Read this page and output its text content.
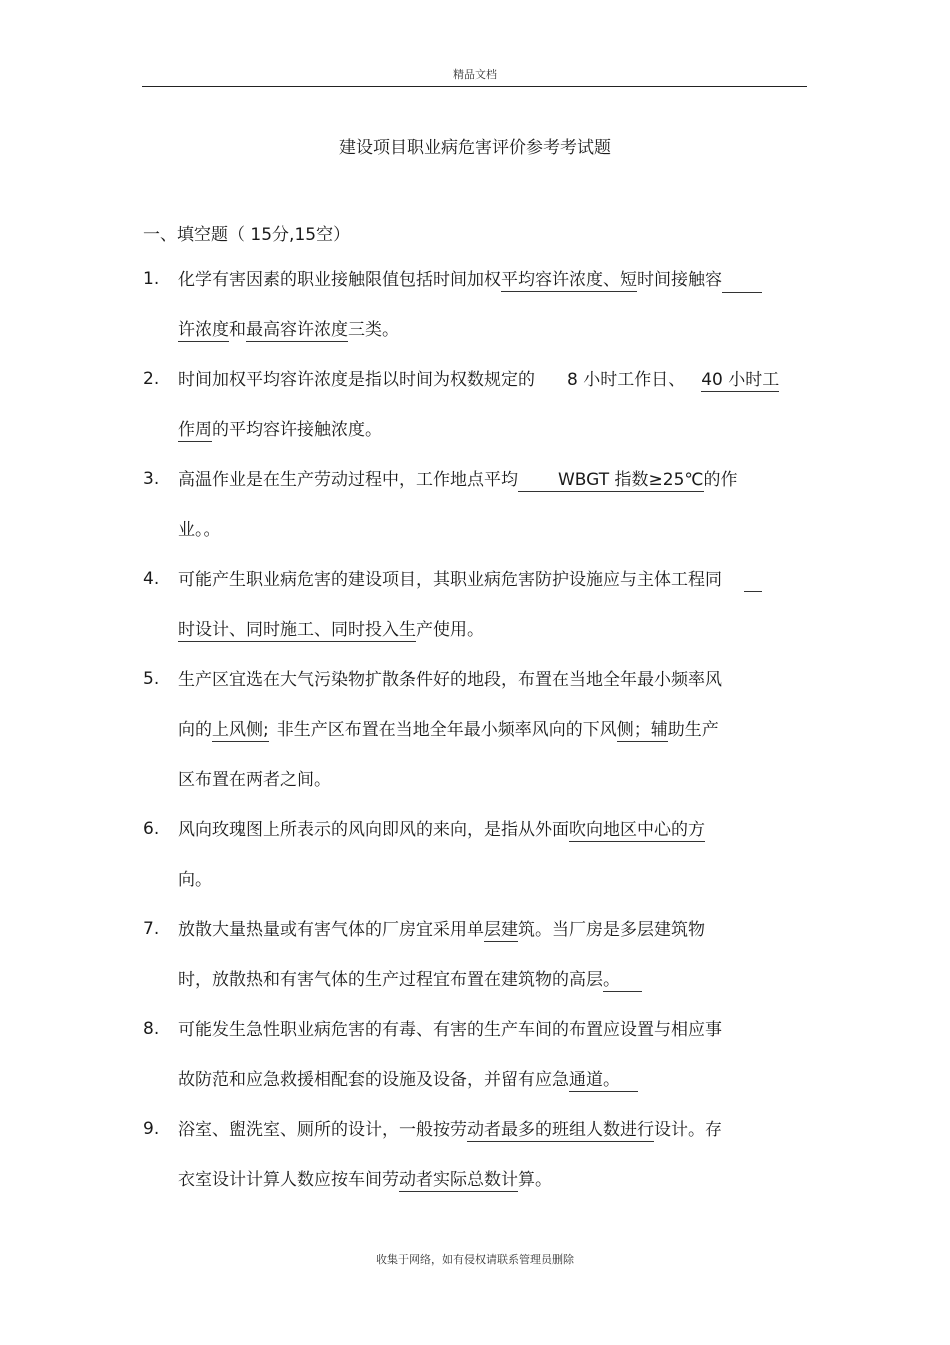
精品文档
建设项目职业病危害评价参考考试题
一、填空题（ 15分,15空）
1. 化学有害因素的职业接触限值包括时间加权平均容许浓度、短时间接触容
许浓度和最高容许浓度三类。
2. 时间加权平均容许浓度是指以时间为权数规定的 8 小时工作日、 40 小时工
作周的平均容许接触浓度。
3. 高温作业是在生产劳动过程中，工作地点平均 WBGT 指数≥25℃的作
业。。
4. 可能产生职业病危害的建设项目，其职业病危害防护设施应与主体工程同
时设计、同时施工、同时投入生产使用。
5. 生产区宜选在大气污染物扩散条件好的地段，布置在当地全年最小频率风
向的上风侧; 非生产区布置在当地全年最小频率风向的下风侧；辅助生产
区布置在两者之间。
6. 风向玫瑰图上所表示的风向即风的来向，是指从外面吹向地区中心的方
向。
7. 放散大量热量或有害气体的厂房宜采用单层建筑。当厂房是多层建筑物
时，放散热和有害气体的生产过程宜布置在建筑物的高层。
8. 可能发生急性职业病危害的有毒、有害的生产车间的布置应设置与相应事
故防范和应急救援相配套的设施及设备，并留有应急通道。
9. 浴室、盥洗室、厕所的设计，一般按劳动者最多的班组人数进行设计。存
衣室设计计算人数应按车间劳动者实际总数计算。
收集于网络，如有侵权请联系管理员删除
